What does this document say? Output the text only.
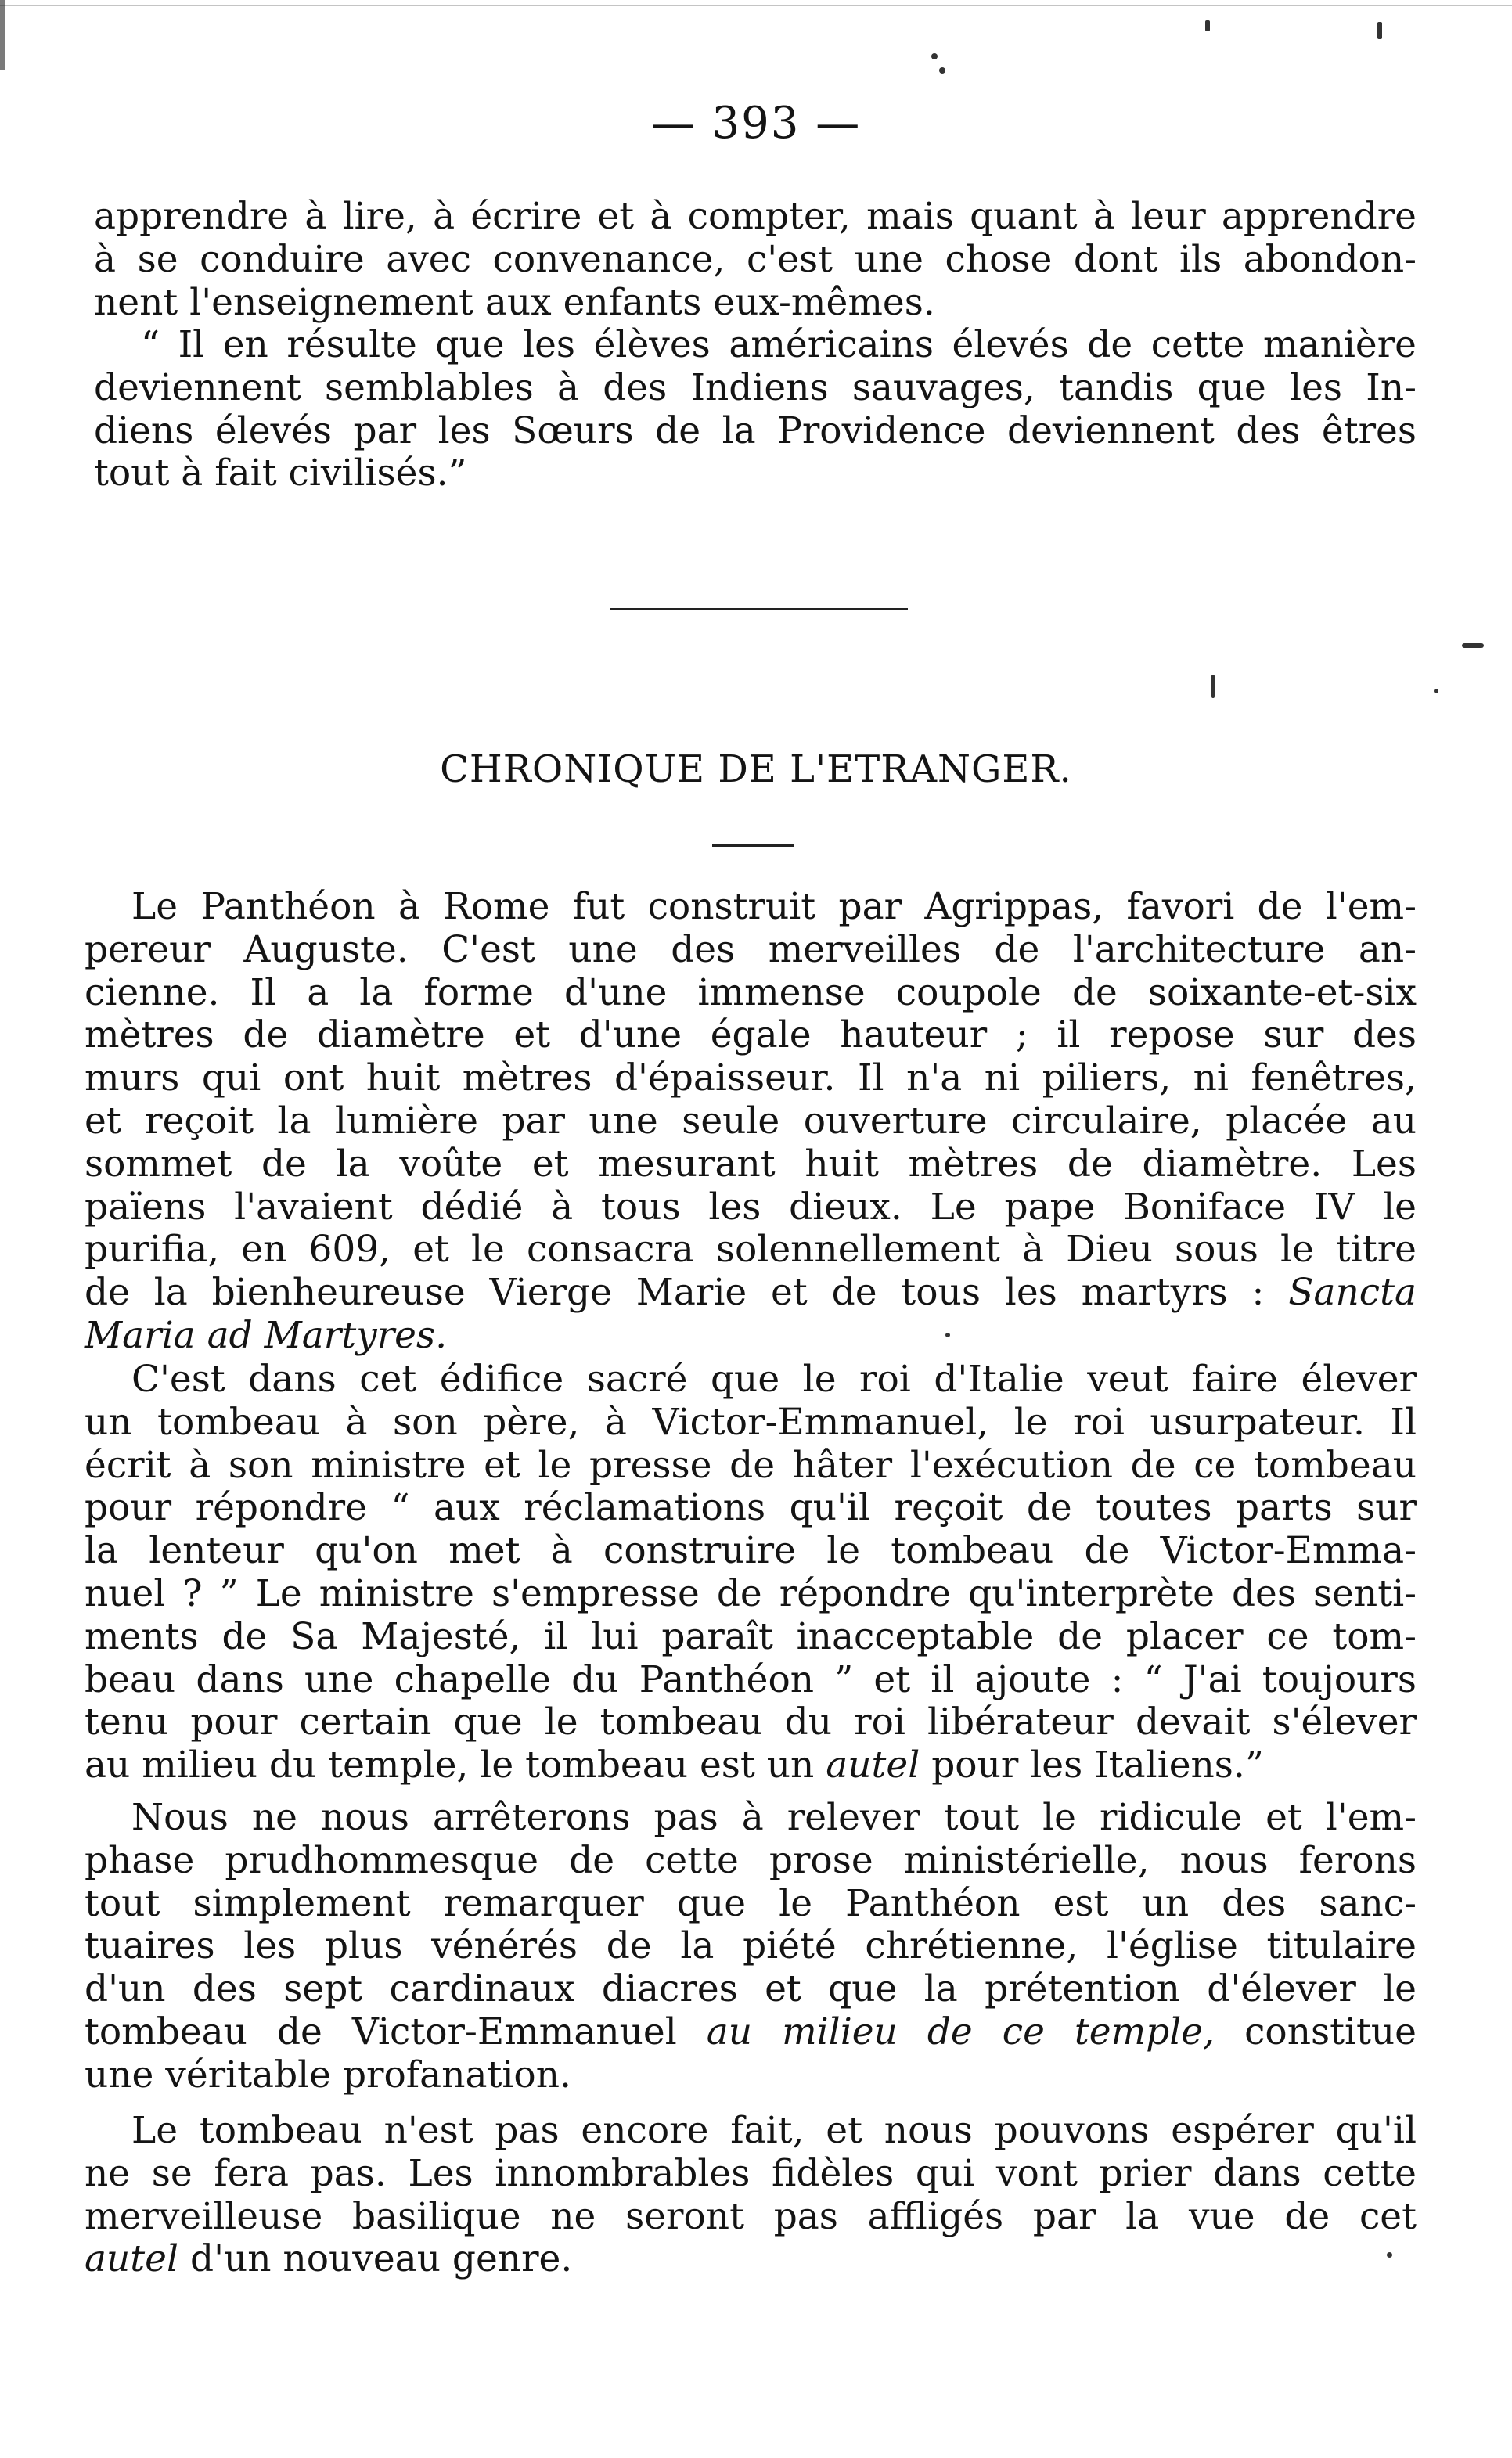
— 393 —

apprendre à lire, à écrire et à compter, mais quant à leur apprendre
à se conduire avec convenance, c'est une chose dont ils abondon-
nent l'enseignement aux enfants eux-mêmes.

“ Il en résulte que les élèves américains élevés de cette manière
deviennent semblables à des Indiens sauvages, tandis que les In-
diens élevés par les Sœurs de la Providence deviennent des êtres
tout à fait civilisés.”

CHRONIQUE DE L'ETRANGER.

Le Panthéon à Rome fut construit par Agrippas, favori de l'em-
pereur Auguste. C'est une des merveilles de l'architecture an-
cienne. Il a la forme d'une immense coupole de soixante-et-six
mètres de diamètre et d'une égale hauteur ; il repose sur des
murs qui ont huit mètres d'épaisseur. Il n'a ni piliers, ni fenêtres,
et reçoit la lumière par une seule ouverture circulaire, placée au
sommet de la voûte et mesurant huit mètres de diamètre. Les
païens l'avaient dédié à tous les dieux. Le pape Boniface IV le
purifia, en 609, et le consacra solennellement à Dieu sous le titre
de la bienheureuse Vierge Marie et de tous les martyrs : Sancta
Maria ad Martyres.

C'est dans cet édifice sacré que le roi d'Italie veut faire élever
un tombeau à son père, à Victor-Emmanuel, le roi usurpateur. Il
écrit à son ministre et le presse de hâter l'exécution de ce tombeau
pour répondre “ aux réclamations qu'il reçoit de toutes parts sur
la lenteur qu'on met à construire le tombeau de Victor-Emma-
nuel ? ” Le ministre s'empresse de répondre qu'interprète des senti-
ments de Sa Majesté, il lui paraît inacceptable de placer ce tom-
beau dans une chapelle du Panthéon ” et il ajoute : “ J'ai toujours
tenu pour certain que le tombeau du roi libérateur devait s'élever
au milieu du temple, le tombeau est un autel pour les Italiens.”

Nous ne nous arrêterons pas à relever tout le ridicule et l'em-
phase prudhommesque de cette prose ministérielle, nous ferons
tout simplement remarquer que le Panthéon est un des sanc-
tuaires les plus vénérés de la piété chrétienne, l'église titulaire
d'un des sept cardinaux diacres et que la prétention d'élever le
tombeau de Victor-Emmanuel au milieu de ce temple, constitue
une véritable profanation.

Le tombeau n'est pas encore fait, et nous pouvons espérer qu'il
ne se fera pas. Les innombrables fidèles qui vont prier dans cette
merveilleuse basilique ne seront pas affligés par la vue de cet
autel d'un nouveau genre.
